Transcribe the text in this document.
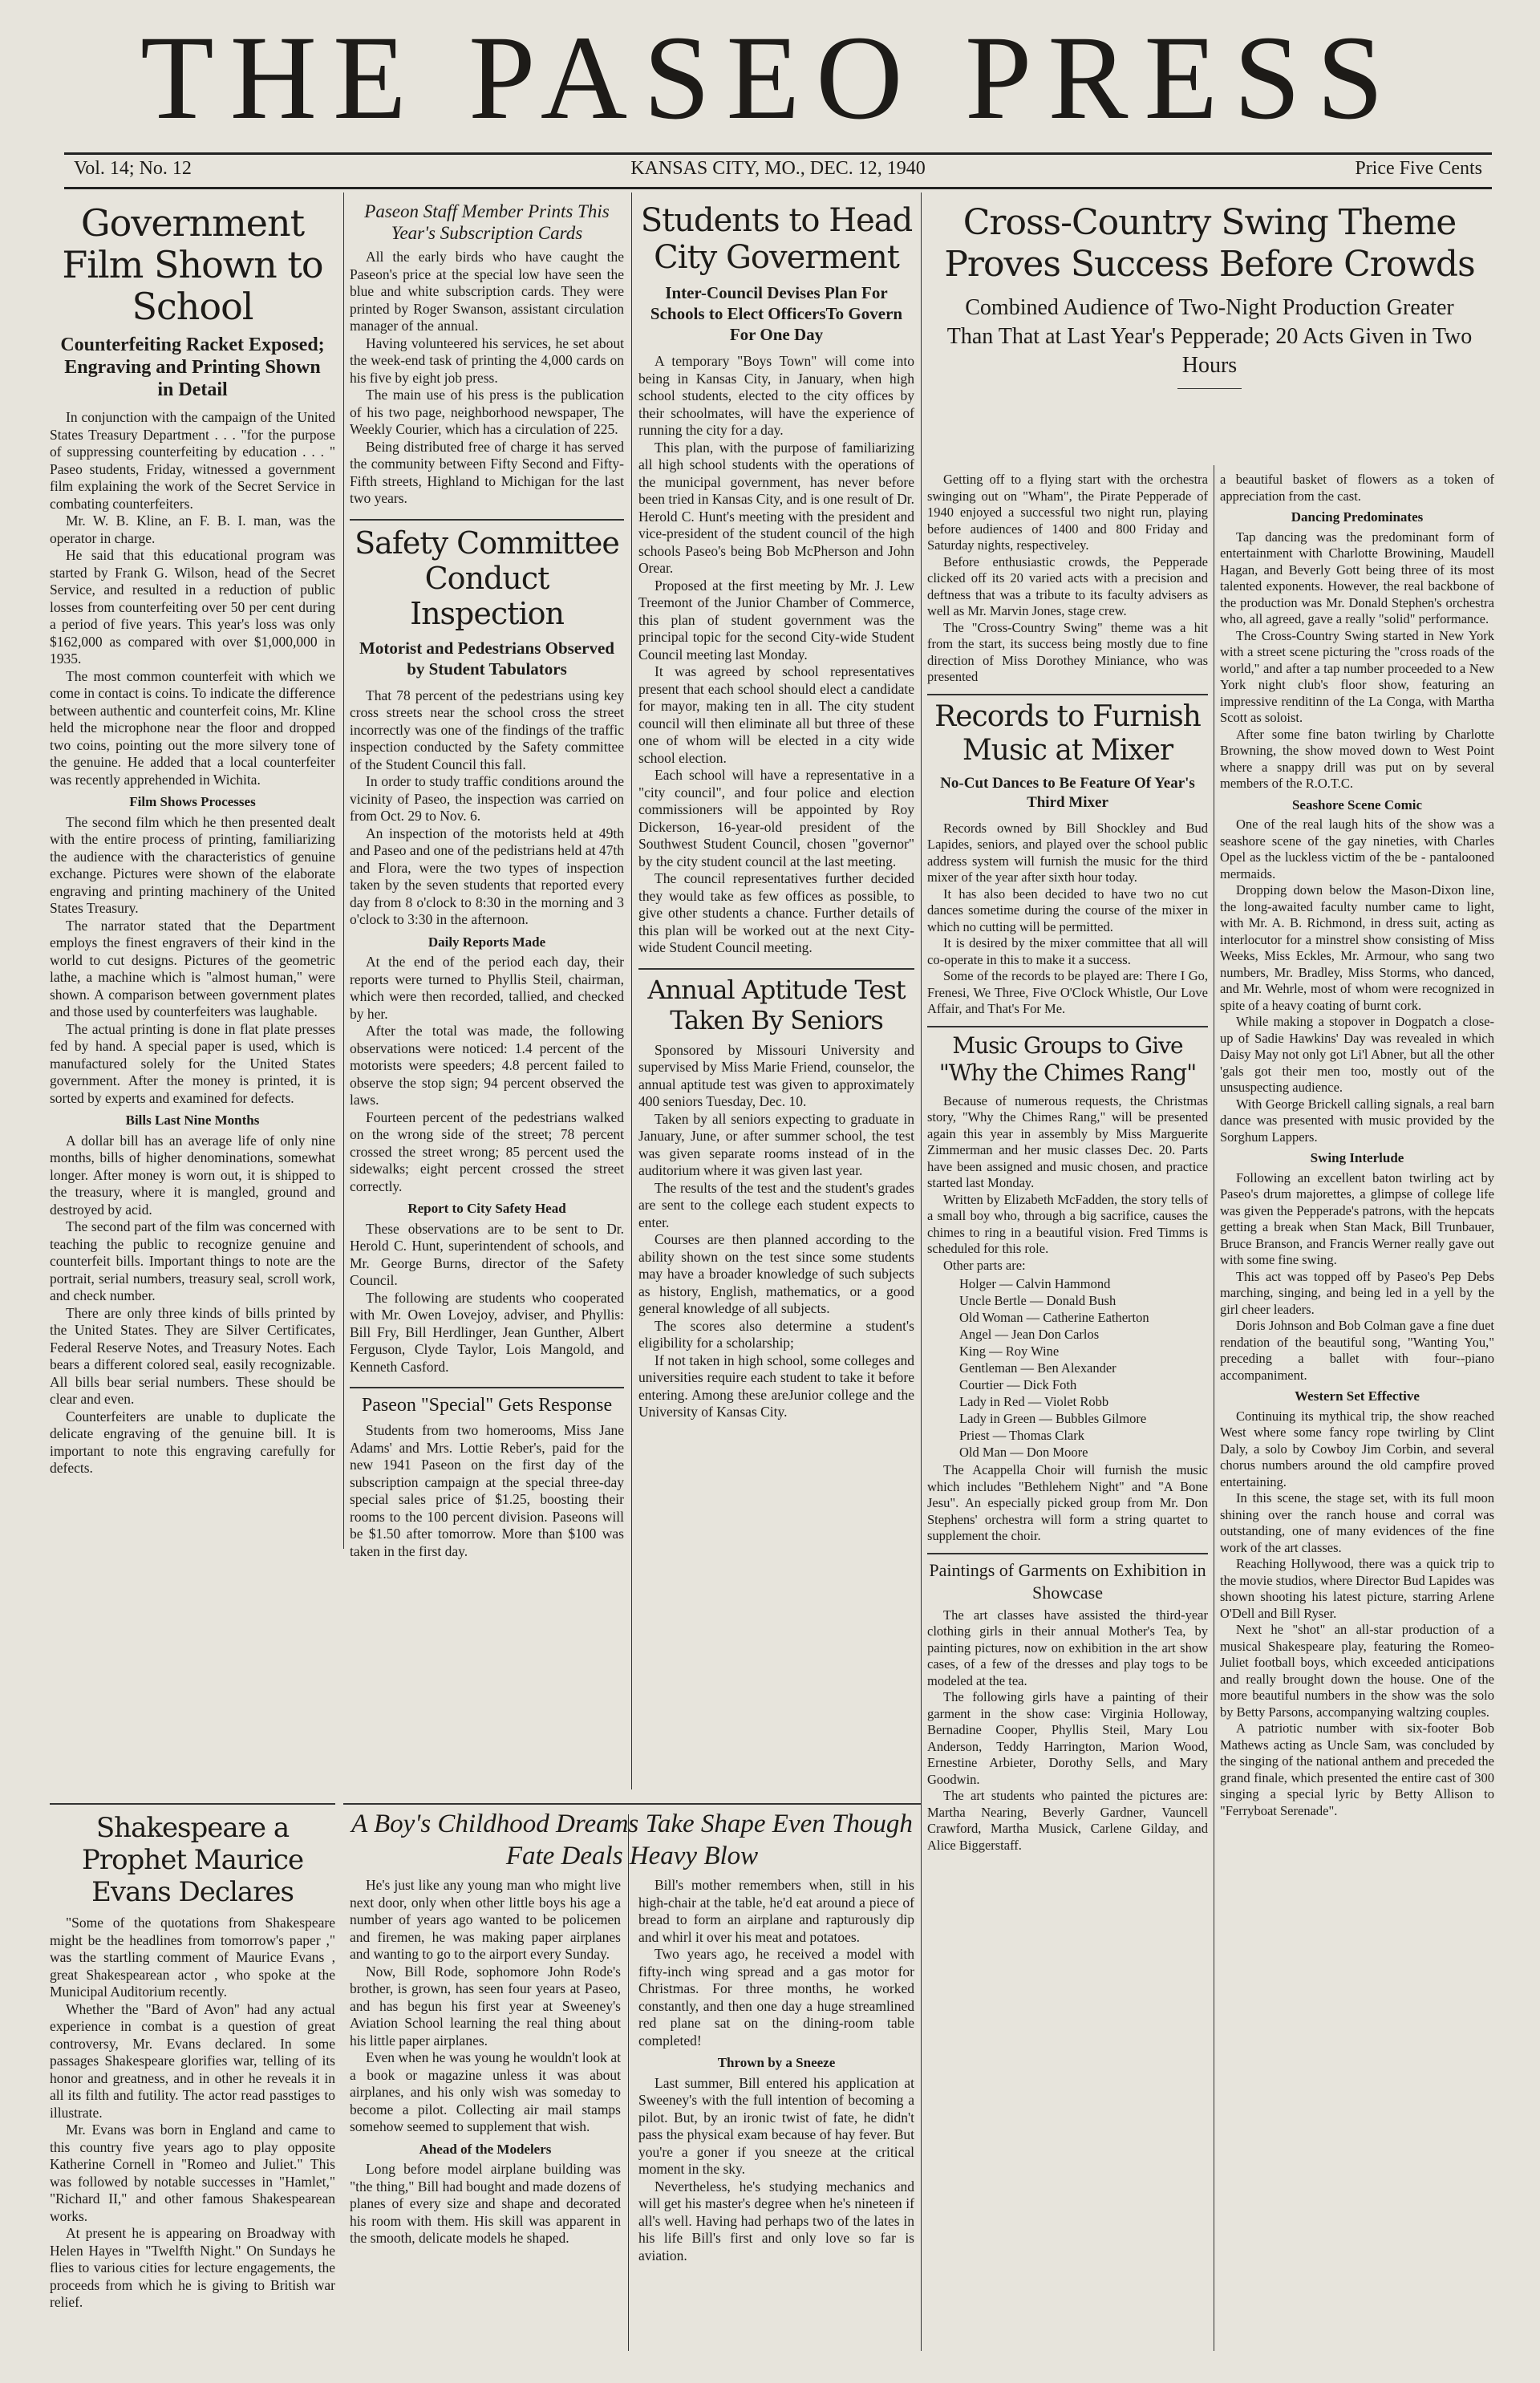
THE PASEO PRESS
Vol. 14; No. 12	KANSAS CITY, MO., DEC. 12, 1940	Price Five Cents
Government Film Shown to School
Counterfeiting Racket Exposed; Engraving and Printing Shown in Detail

In conjunction with the campaign of the United States Treasury Department . . . "for the purpose of suppressing counterfeiting by education . . . " Paseo students, Friday, witnessed a government film explaining the work of the Secret Service in combating counterfeiters.

Mr. W. B. Kline, an F. B. I. man, was the operator in charge.

He said that this educational program was started by Frank G. Wilson, head of the Secret Service, and resulted in a reduction of public losses from counterfeiting over 50 per cent during a period of five years. This year's loss was only $162,000 as compared with over $1,000,000 in 1935.

The most common counterfeit with which we come in contact is coins. To indicate the difference between authentic and counterfeit coins, Mr. Kline held the microphone near the floor and dropped two coins, pointing out the more silvery tone of the genuine. He added that a local counterfeiter was recently apprehended in Wichita.

Film Shows Processes

The second film which he then presented dealt with the entire process of printing, familiarizing the audience with the characteristics of genuine exchange. Pictures were shown of the elaborate engraving and printing machinery of the United States Treasury.

The narrator stated that the Department employs the finest engravers of their kind in the world to cut designs. Pictures of the geometric lathe, a machine which is "almost human," were shown. A comparison between government plates and those used by counterfeiters was laughable.

The actual printing is done in flat plate presses fed by hand. A special paper is used, which is manufactured solely for the United States government. After the money is printed, it is sorted by experts and examined for defects.

Bills Last Nine Months

A dollar bill has an average life of only nine months, bills of higher denominations, somewhat longer. After money is worn out, it is shipped to the treasury, where it is mangled, ground and destroyed by acid.

The second part of the film was concerned with teaching the public to recognize genuine and counterfeit bills. Important things to note are the portrait, serial numbers, treasury seal, scroll work, and check number.

There are only three kinds of bills printed by the United States. They are Silver Certificates, Federal Reserve Notes, and Treasury Notes. Each bears a different colored seal, easily recognizable. All bills bear serial numbers. These should be clear and even.

Counterfeiters are unable to duplicate the delicate engraving of the genuine bill. It is important to note this engraving carefully for defects.

Shakespeare a Prophet Maurice Evans Declares

"Some of the quotations from Shakespeare might be the headlines from tomorrow's paper ," was the startling comment of Maurice Evans , great Shakespearean actor , who spoke at the Municipal Auditorium recently.

Whether the "Bard of Avon" had any actual experience in combat is a question of great controversy, Mr. Evans declared. In some passages Shakespeare glorifies war, telling of its honor and greatness, and in other he reveals it in all its filth and futility. The actor read passtiges to illustrate.

Mr. Evans was born in England and came to this country five years ago to play opposite Katherine Cornell in "Romeo and Juliet." This was followed by notable successes in "Hamlet," "Richard II," and other famous Shakespearean works.

At present he is appearing on Broadway with Helen Hayes in "Twelfth Night." On Sundays he flies to various cities for lecture engagements, the proceeds from which he is giving to British war relief.

Paseon Staff Member Prints This Year's Subscription Cards

All the early birds who have caught the Paseon's price at the special low have seen the blue and white subscription cards. They were printed by Roger Swanson, assistant circulation manager of the annual.

Having volunteered his services, he set about the week-end task of printing the 4,000 cards on his five by eight job press.

The main use of his press is the publication of his two page, neighborhood newspaper, The Weekly Courier, which has a circulation of 225.

Being distributed free of charge it has served the community between Fifty Second and Fifty-Fifth streets, Highland to Michigan for the last two years.

Safety Committee Conduct Inspection
Motorist and Pedestrians Observed by Student Tabulators

That 78 percent of the pedestrians using key cross streets near the school cross the street incorrectly was one of the findings of the traffic inspection conducted by the Safety committee of the Student Council this fall.

In order to study traffic conditions around the vicinity of Paseo, the inspection was carried on from Oct. 29 to Nov. 6.

An inspection of the motorists held at 49th and Paseo and one of the pedistrians held at 47th and Flora, were the two types of inspection taken by the seven students that reported every day from 8 o'clock to 8:30 in the morning and 3 o'clock to 3:30 in the afternoon.

Daily Reports Made

At the end of the period each day, their reports were turned to Phyllis Steil, chairman, which were then recorded, tallied, and checked by her.

After the total was made, the following observations were noticed: 1.4 percent of the motorists were speeders; 4.8 percent failed to observe the stop sign; 94 percent observed the laws.

Fourteen percent of the pedestrians walked on the wrong side of the street; 78 percent crossed the street wrong; 85 percent used the sidewalks; eight percent crossed the street correctly.

Report to City Safety Head

These observations are to be sent to Dr. Herold C. Hunt, superintendent of schools, and Mr. George Burns, director of the Safety Council.

The following are students who cooperated with Mr. Owen Lovejoy, adviser, and Phyllis: Bill Fry, Bill Herdlinger, Jean Gunther, Albert Ferguson, Clyde Taylor, Lois Mangold, and Kenneth Casford.

Paseon "Special" Gets Response

Students from two homerooms, Miss Jane Adams' and Mrs. Lottie Reber's, paid for the new 1941 Paseon on the first day of the subscription campaign at the special three-day special sales price of $1.25, boosting their rooms to the 100 percent division. Paseons will be $1.50 after tomorrow. More than $100 was taken in the first day.

Students to Head City Goverment
Inter-Council Devises Plan For Schools to Elect OfficersTo Govern For One Day

A temporary "Boys Town" will come into being in Kansas City, in January, when high school students, elected to the city offices by their schoolmates, will have the experience of running the city for a day.

This plan, with the purpose of familiarizing all high school students with the operations of the municipal government, has never before been tried in Kansas City, and is one result of Dr. Herold C. Hunt's meeting with the president and vice-president of the student council of the high schools Paseo's being Bob McPherson and John Orear.

Proposed at the first meeting by Mr. J. Lew Treemont of the Junior Chamber of Commerce, this plan of student government was the principal topic for the second City-wide Student Council meeting last Monday.

It was agreed by school representatives present that each school should elect a candidate for mayor, making ten in all. The city student council will then eliminate all but three of these one of whom will be elected in a city wide school election.

Each school will have a representative in a "city council", and four police and election commissioners will be appointed by Roy Dickerson, 16-year-old president of the Southwest Student Council, chosen "governor" by the city student council at the last meeting.

The council representatives further decided they would take as few offices as possible, to give other students a chance. Further details of this plan will be worked out at the next City-wide Student Council meeting.

Annual Aptitude Test Taken By Seniors

Sponsored by Missouri University and supervised by Miss Marie Friend, counselor, the annual aptitude test was given to approximately 400 seniors Tuesday, Dec. 10.

Taken by all seniors expecting to graduate in January, June, or after summer school, the test was given separate rooms instead of in the auditorium where it was given last year.

The results of the test and the student's grades are sent to the college each student expects to enter.

Courses are then planned according to the ability shown on the test since some students may have a broader knowledge of such subjects as history, English, mathematics, or a good general knowledge of all subjects.

The scores also determine a student's eligibility for a scholarship;

If not taken in high school, some colleges and universities require each student to take it before entering. Among these areJunior college and the University of Kansas City.

A Boy's Childhood Dreams Take Shape Even Though Fate Deals Heavy Blow

He's just like any young man who might live next door, only when other little boys his age a number of years ago wanted to be policemen and firemen, he was making paper airplanes and wanting to go to the airport every Sunday.

Now, Bill Rode, sophomore John Rode's brother, is grown, has seen four years at Paseo, and has begun his first year at Sweeney's Aviation School learning the real thing about his little paper airplanes.

Even when he was young he wouldn't look at a book or magazine unless it was about airplanes, and his only wish was someday to become a pilot. Collecting air mail stamps somehow seemed to supplement that wish.

Ahead of the Modelers

Long before model airplane building was "the thing," Bill had bought and made dozens of planes of every size and shape and decorated his room with them. His skill was apparent in the smooth, delicate models he shaped.

Bill's mother remembers when, still in his high-chair at the table, he'd eat around a piece of bread to form an airplane and rapturously dip and whirl it over his meat and potatoes.

Two years ago, he received a model with fifty-inch wing spread and a gas motor for Christmas. For three months, he worked constantly, and then one day a huge streamlined red plane sat on the dining-room table completed!

Thrown by a Sneeze

Last summer, Bill entered his application at Sweeney's with the full intention of becoming a pilot. But, by an ironic twist of fate, he didn't pass the physical exam because of hay fever. But you're a goner if you sneeze at the critical moment in the sky.

Nevertheless, he's studying mechanics and will get his master's degree when he's nineteen if all's well. Having had perhaps two of the lates in his life Bill's first and only love so far is aviation.

Cross-Country Swing Theme Proves Success Before Crowds
Combined Audience of Two-Night Production Greater Than That at Last Year's Pepperade; 20 Acts Given in Two Hours

Getting off to a flying start with the orchestra swinging out on "Wham", the Pirate Pepperade of 1940 enjoyed a successful two night run, playing before audiences of 1400 and 800 Friday and Saturday nights, respectiveley.

Before enthusiastic crowds, the Pepperade clicked off its 20 varied acts with a precision and deftness that was a tribute to its faculty advisers as well as Mr. Marvin Jones, stage crew.

The "Cross-Country Swing" theme was a hit from the start, its success being mostly due to fine direction of Miss Dorothey Miniance, who was presented

Records to Furnish Music at Mixer
No-Cut Dances to Be Feature Of Year's Third Mixer

Records owned by Bill Shockley and Bud Lapides, seniors, and played over the school public address system will furnish the music for the third mixer of the year after sixth hour today.

It has also been decided to have two no cut dances sometime during the course of the mixer in which no cutting will be permitted.

It is desired by the mixer committee that all will co-operate in this to make it a success.

Some of the records to be played are: There I Go, Frenesi, We Three, Five O'Clock Whistle, Our Love Affair, and That's For Me.

Music Groups to Give "Why the Chimes Rang"

Because of numerous requests, the Christmas story, "Why the Chimes Rang," will be presented again this year in assembly by Miss Marguerite Zimmerman and her music classes Dec. 20. Parts have been assigned and music chosen, and practice started last Monday.

Written by Elizabeth McFadden, the story tells of a small boy who, through a big sacrifice, causes the chimes to ring in a beautiful vision. Fred Timms is scheduled for this role.

Other parts are:

Holger — Calvin Hammond
Uncle Bertle — Donald Bush
Old Woman — Catherine Eatherton
Angel — Jean Don Carlos
King — Roy Wine
Gentleman — Ben Alexander
Courtier — Dick Foth
Lady in Red — Violet Robb
Lady in Green — Bubbles Gilmore
Priest — Thomas Clark
Old Man — Don Moore

The Acappella Choir will furnish the music which includes "Bethlehem Night" and "A Bone Jesu". An especially picked group from Mr. Don Stephens' orchestra will form a string quartet to supplement the choir.

Paintings of Garments on Exhibition in Showcase

The art classes have assisted the third-year clothing girls in their annual Mother's Tea, by painting pictures, now on exhibition in the art show cases, of a few of the dresses and play togs to be modeled at the tea.

The following girls have a painting of their garment in the show case: Virginia Holloway, Bernadine Cooper, Phyllis Steil, Mary Lou Anderson, Teddy Harrington, Marion Wood, Ernestine Arbieter, Dorothy Sells, and Mary Goodwin.

The art students who painted the pictures are: Martha Nearing, Beverly Gardner, Vauncell Crawford, Martha Musick, Carlene Gilday, and Alice Biggerstaff.

a beautiful basket of flowers as a token of appreciation from the cast.

Dancing Predominates

Tap dancing was the predominant form of entertainment with Charlotte Browining, Maudell Hagan, and Beverly Gott being three of its most talented exponents. However, the real backbone of the production was Mr. Donald Stephen's orchestra who, all agreed, gave a really "solid" performance.

The Cross-Country Swing started in New York with a street scene picturing the "cross roads of the world," and after a tap number proceeded to a New York night club's floor show, featuring an impressive renditinn of the La Conga, with Martha Scott as soloist.

After some fine baton twirling by Charlotte Browning, the show moved down to West Point where a snappy drill was put on by several members of the R.O.T.C.

Seashore Scene Comic

One of the real laugh hits of the show was a seashore scene of the gay nineties, with Charles Opel as the luckless victim of the be - pantalooned mermaids.

Dropping down below the Mason-Dixon line, the long-awaited faculty number came to light, with Mr. A. B. Richmond, in dress suit, acting as interlocutor for a minstrel show consisting of Miss Weeks, Miss Eckles, Mr. Armour, who sang two numbers, Mr. Bradley, Miss Storms, who danced, and Mr. Wehrle, most of whom were recognized in spite of a heavy coating of burnt cork.

While making a stopover in Dogpatch a close-up of Sadie Hawkins' Day was revealed in which Daisy May not only got Li'l Abner, but all the other 'gals got their men too, mostly out of the unsuspecting audience.

With George Brickell calling signals, a real barn dance was presented with music provided by the Sorghum Lappers.

Swing Interlude

Following an excellent baton twirling act by Paseo's drum majorettes, a glimpse of college life was given the Pepperade's patrons, with the hepcats getting a break when Stan Mack, Bill Trunbauer, Bruce Branson, and Francis Werner really gave out with some fine swing.

This act was topped off by Paseo's Pep Debs marching, singing, and being led in a yell by the girl cheer leaders.

Doris Johnson and Bob Colman gave a fine duet rendation of the beautiful song, "Wanting You," preceding a ballet with four--piano accompaniment.

Western Set Effective

Continuing its mythical trip, the show reached West where some fancy rope twirling by Clint Daly, a solo by Cowboy Jim Corbin, and several chorus numbers around the old campfire proved entertaining.

In this scene, the stage set, with its full moon shining over the ranch house and corral was outstanding, one of many evidences of the fine work of the art classes.

Reaching Hollywood, there was a quick trip to the movie studios, where Director Bud Lapides was shown shooting his latest picture, starring Arlene O'Dell and Bill Ryser.

Next he "shot" an all-star production of a musical Shakespeare play, featuring the Romeo-Juliet football boys, which exceeded anticipations and really brought down the house. One of the more beautiful numbers in the show was the solo by Betty Parsons, accompanying waltzing couples.

A patriotic number with six-footer Bob Mathews acting as Uncle Sam, was concluded by the singing of the national anthem and preceded the grand finale, which presented the entire cast of 300 singing a special lyric by Betty Allison to "Ferryboat Serenade".
